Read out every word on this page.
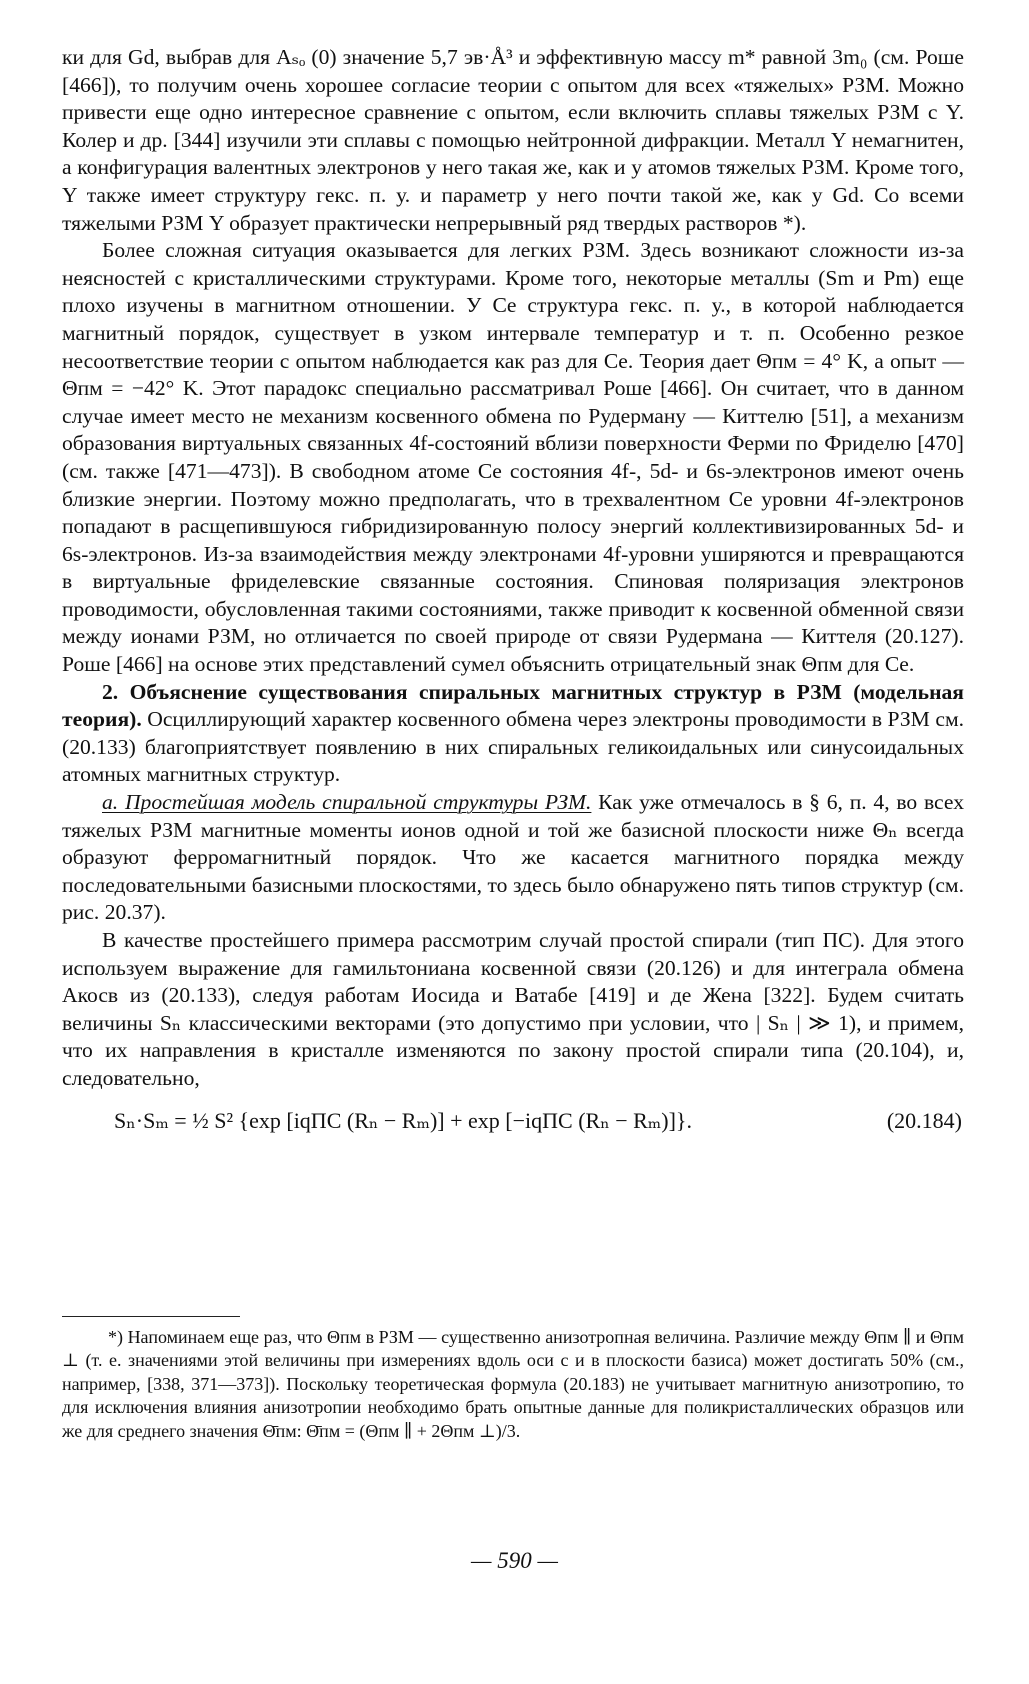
ки для Gd, выбрав для Aₛₒ (0) значение 5,7 эв·Å³ и эффективную массу m* равной 3m₀ (см. Роше [466]), то получим очень хорошее согласие теории с опытом для всех «тяжелых» РЗМ. Можно привести еще одно интересное сравнение с опытом, если включить сплавы тяжелых РЗМ с Y. Колер и др. [344] изучили эти сплавы с помощью нейтронной дифракции. Металл Y немагнитен, а конфигурация валентных электронов у него такая же, как и у атомов тяжелых РЗМ. Кроме того, Y также имеет структуру гекс. п. у. и параметр у него почти такой же, как у Gd. Со всеми тяжелыми РЗМ Y образует практически непрерывный ряд твердых растворов *).

Более сложная ситуация оказывается для легких РЗМ. Здесь возникают сложности из-за неясностей с кристаллическими структурами. Кроме того, некоторые металлы (Sm и Pm) еще плохо изучены в магнитном отношении. У Ce структура гекс. п. у., в которой наблюдается магнитный порядок, существует в узком интервале температур и т. п. Особенно резкое несоответствие теории с опытом наблюдается как раз для Ce. Теория дает Θпм = 4° K, а опыт — Θпм = −42° K. Этот парадокс специально рассматривал Роше [466]. Он считает, что в данном случае имеет место не механизм косвенного обмена по Рудерману — Киттелю [51], а механизм образования виртуальных связанных 4f-состояний вблизи поверхности Ферми по Фриделю [470] (см. также [471—473]). В свободном атоме Ce состояния 4f-, 5d- и 6s-электронов имеют очень близкие энергии. Поэтому можно предполагать, что в трехвалентном Ce уровни 4f-электронов попадают в расщепившуюся гибридизированную полосу энергий коллективизированных 5d- и 6s-электронов. Из-за взаимодействия между электронами 4f-уровни уширяются и превращаются в виртуальные фриделевские связанные состояния. Спиновая поляризация электронов проводимости, обусловленная такими состояниями, также приводит к косвенной обменной связи между ионами РЗМ, но отличается по своей природе от связи Рудермана — Киттеля (20.127). Роше [466] на основе этих представлений сумел объяснить отрицательный знак Θпм для Ce.

2. Объяснение существования спиральных магнитных структур в РЗМ (модельная теория). Осциллирующий характер косвенного обмена через электроны проводимости в РЗМ см. (20.133) благоприятствует появлению в них спиральных геликоидальных или синусоидальных атомных магнитных структур.

а. Простейшая модель спиральной структуры РЗМ. Как уже отмечалось в § 6, п. 4, во всех тяжелых РЗМ магнитные моменты ионов одной и той же базисной плоскости ниже Θₙ всегда образуют ферромагнитный порядок. Что же касается магнитного порядка между последовательными базисными плоскостями, то здесь было обнаружено пять типов структур (см. рис. 20.37).

В качестве простейшего примера рассмотрим случай простой спирали (тип ПС). Для этого используем выражение для гамильтониана косвенной связи (20.126) и для интеграла обмена Aкосв из (20.133), следуя работам Иосида и Ватабе [419] и де Жена [322]. Будем считать величины Sₙ классическими векторами (это допустимо при условии, что | Sₙ | ≫ 1), и примем, что их направления в кристалле изменяются по закону простой спирали типа (20.104), и, следовательно,

Sₙ·Sₘ = ½ S² {exp [iqПС (Rₙ − Rₘ)] + exp [−iqПС (Rₙ − Rₘ)]}.	(20.184)

*) Напоминаем еще раз, что Θпм в РЗМ — существенно анизотропная величина. Различие между Θпм ∥ и Θпм ⊥ (т. е. значениями этой величины при измерениях вдоль оси c и в плоскости базиса) может достигать 50% (см., например, [338, 371—373]). Поскольку теоретическая формула (20.183) не учитывает магнитную анизотропию, то для исключения влияния анизотропии необходимо брать опытные данные для поликристаллических образцов или же для среднего значения Θ̄пм: Θ̄пм = (Θпм ∥ + 2Θпм ⊥)/3.

— 590 —
